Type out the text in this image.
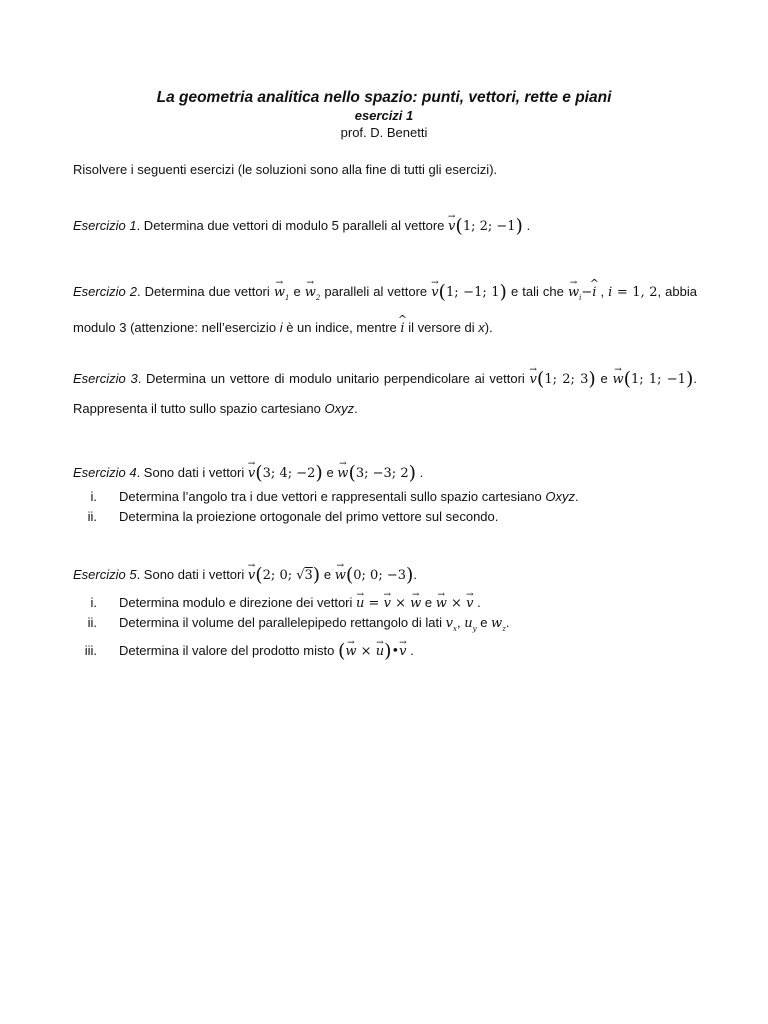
La geometria analitica nello spazio: punti, vettori, rette e piani
esercizi 1
prof. D. Benetti
Risolvere i seguenti esercizi (le soluzioni sono alla fine di tutti gli esercizi).
Esercizio 1. Determina due vettori di modulo 5 paralleli al vettore → v(1; 2; −1) .
Esercizio 2. Determina due vettori → $w_1$ $e \to w_2$ paralleli al vettore → v(1; −1; 1) e tali che → $w_i-\^{}$ i , i = 1, 2, abbia modulo 3 (attenzione: nell’esercizio i è un indice, mentre ^ i il versore di x).
Esercizio 3. Determina un vettore di modulo unitario perpendicolare ai vettori → v(1; 2; 3) e → w(1; 1; −1). Rappresenta il tutto sullo spazio cartesiano Oxyz.
Esercizio 4. Sono dati i vettori → v(3; 4; −2) e → w(3; −3; 2) .
i. Determina l’angolo tra i due vettori e rappresentali sullo spazio cartesiano Oxyz.
ii. Determina la proiezione ortogonale del primo vettore sul secondo.
Esercizio 5. Sono dati i vettori → v(2; 0; √3) e → w(0; 0; −3).
i. Determina modulo e direzione dei vettori → u = → v × → w e → w × → v .
ii. Determina il volume del parallelepipedo rettangolo di lati $v_x$, $u_y$ e $w_z$.
iii. Determina il valore del prodotto misto (→ w × → u)•→ v .
